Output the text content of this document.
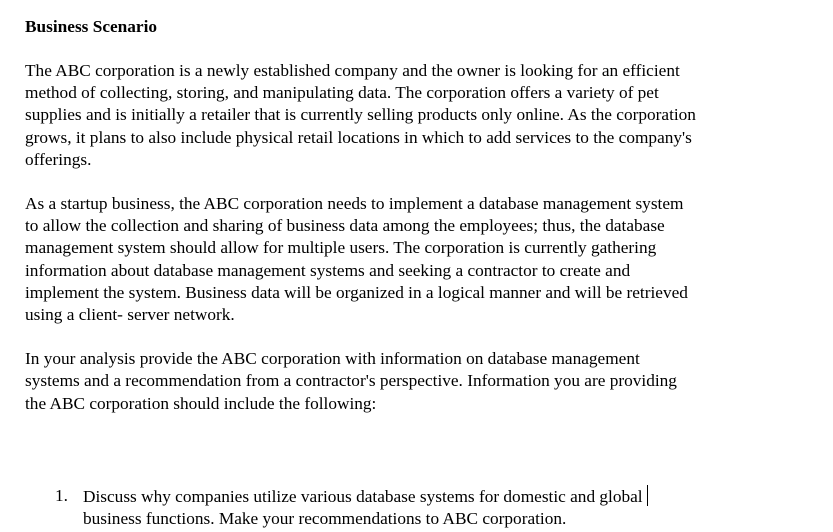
Business Scenario
The ABC corporation is a newly established company and the owner is looking for an efficient
method of collecting, storing, and manipulating data. The corporation offers a variety of pet
supplies and is initially a retailer that is currently selling products only online. As the corporation
grows, it plans to also include physical retail locations in which to add services to the company's
offerings.
As a startup business, the ABC corporation needs to implement a database management system
to allow the collection and sharing of business data among the employees; thus, the database
management system should allow for multiple users. The corporation is currently gathering
information about database management systems and seeking a contractor to create and
implement the system. Business data will be organized in a logical manner and will be retrieved
using a client- server network.
In your analysis provide the ABC corporation with information on database management
systems and a recommendation from a contractor's perspective. Information you are providing
the ABC corporation should include the following:
1. Discuss why companies utilize various database systems for domestic and global
business functions. Make your recommendations to ABC corporation.
